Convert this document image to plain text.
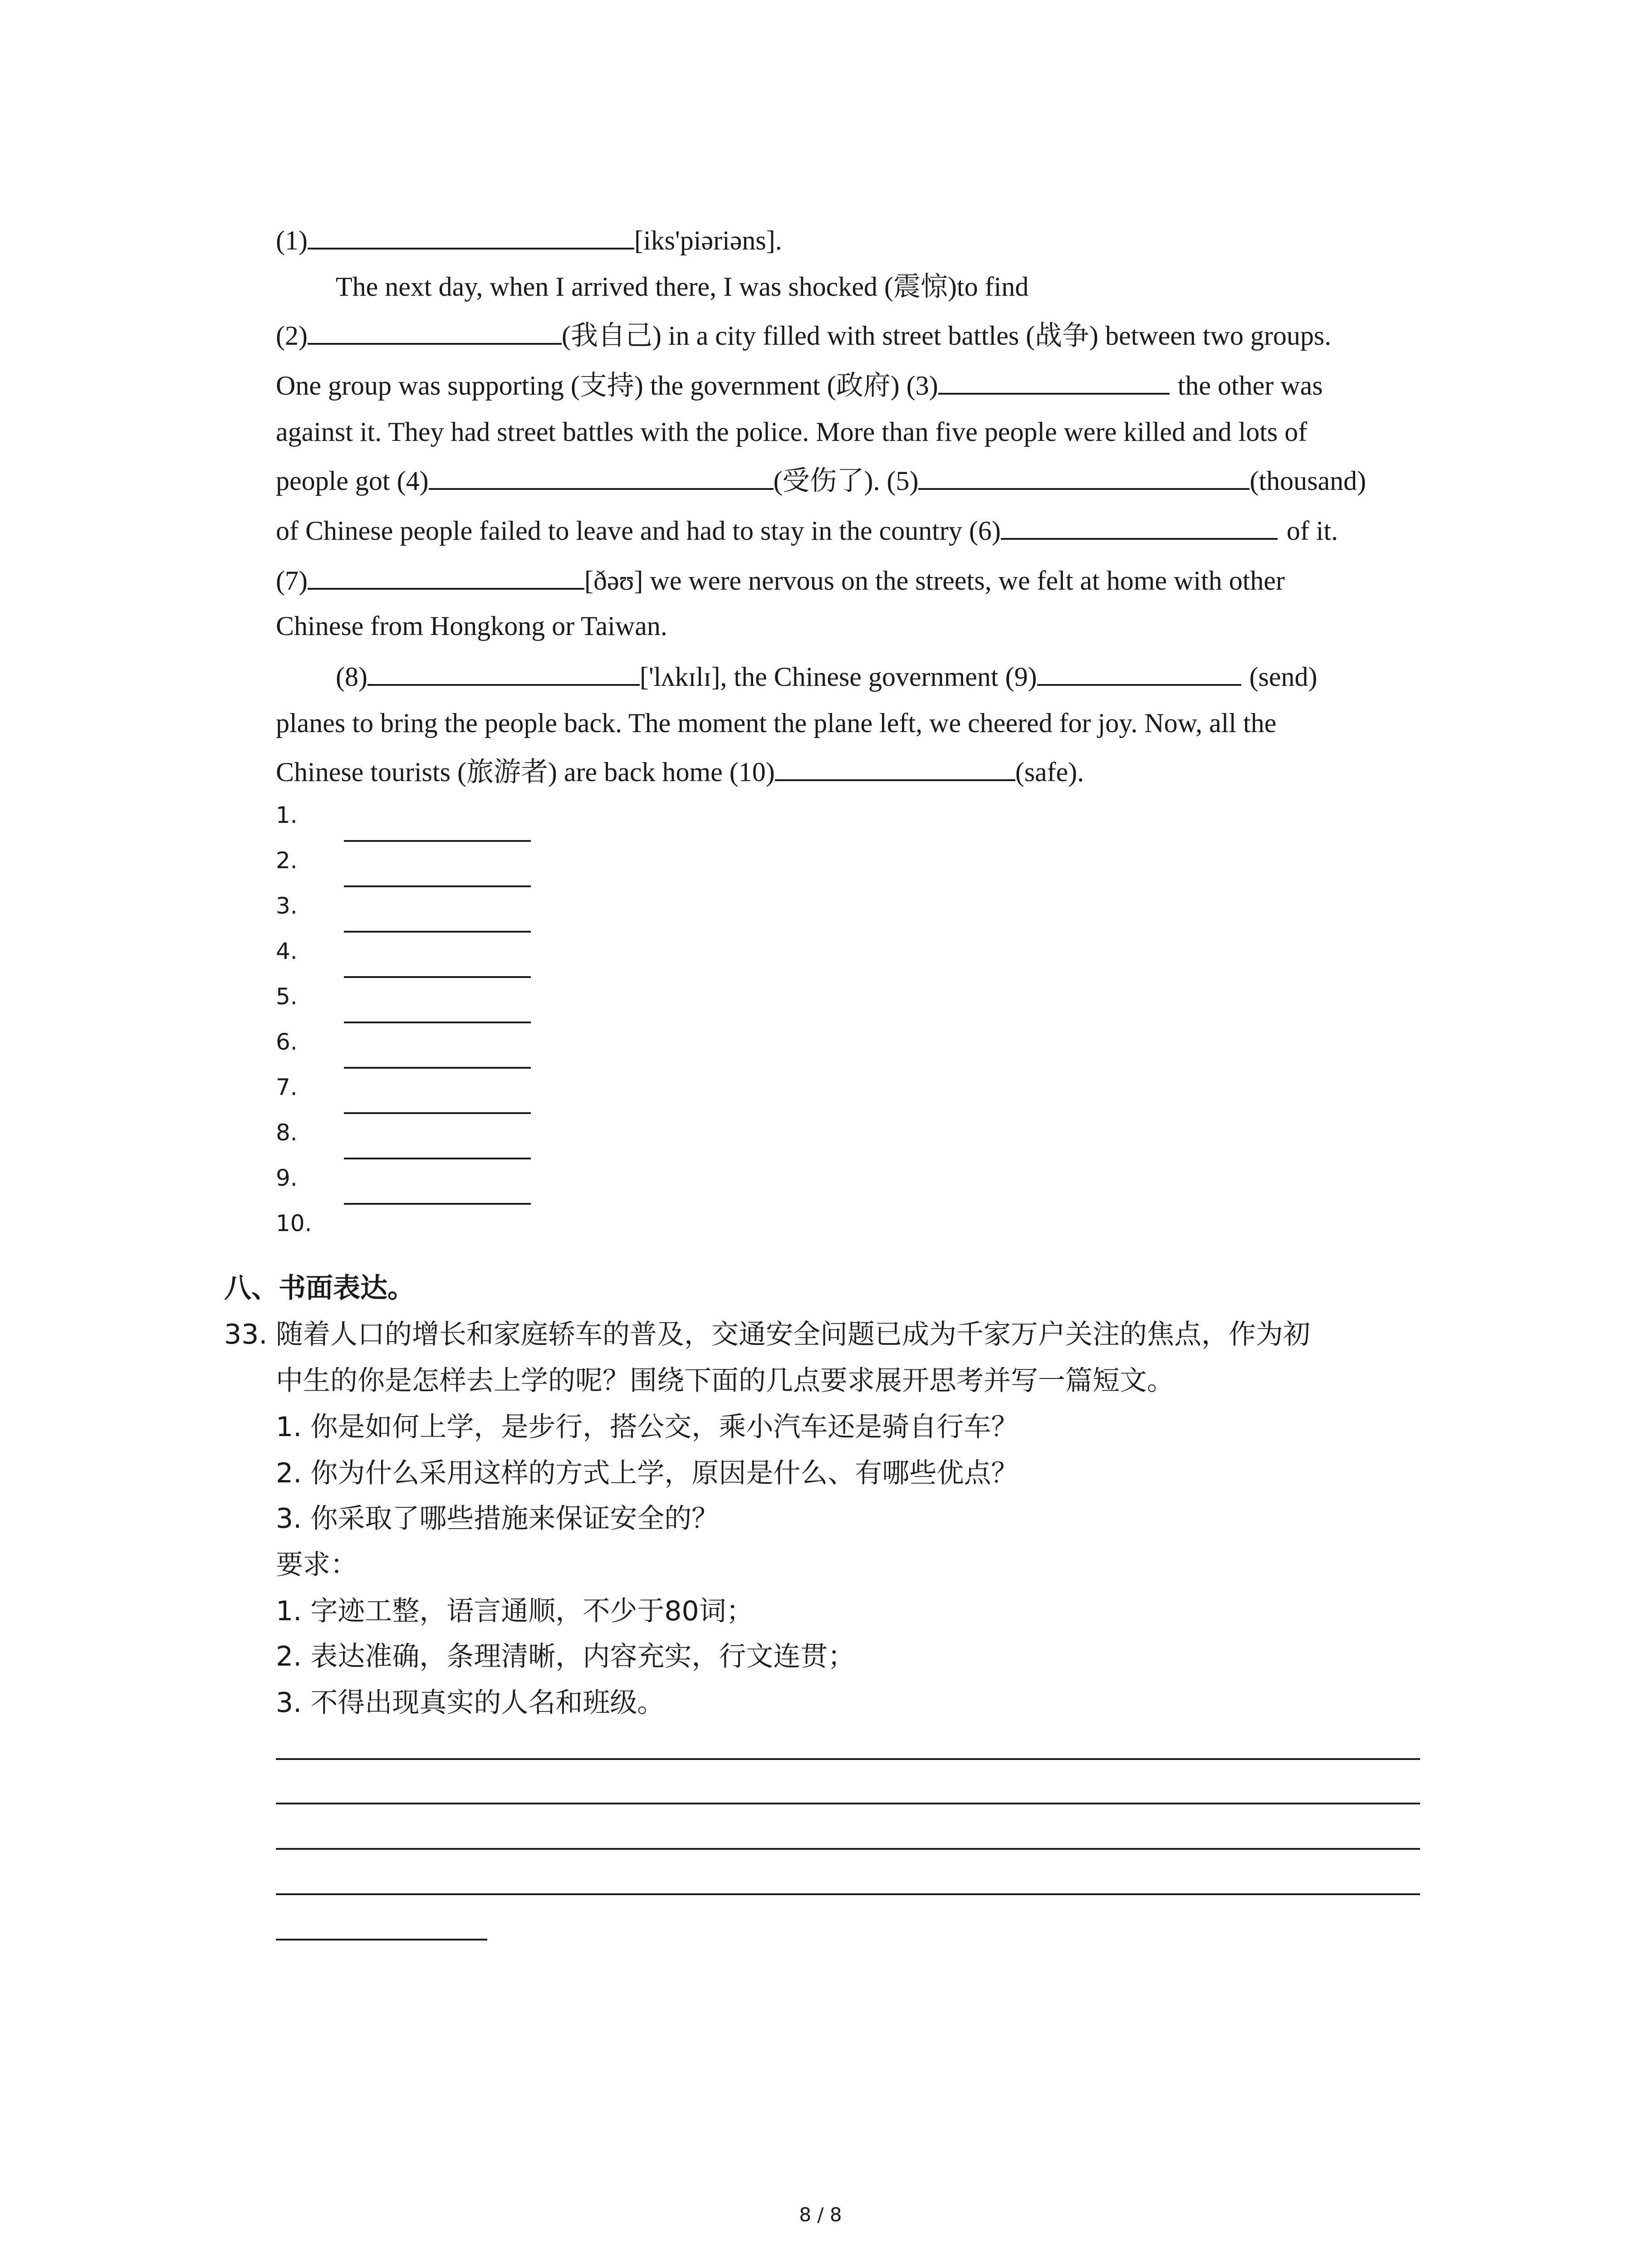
(1)	[iks'piəriəns].
The next day, when I arrived there, I was shocked (震惊)to find
(2)	(我自己) in a city filled with street battles (战争) between two groups.
One group was supporting (支持) the government (政府) (3)	the other was
against it. They had street battles with the police. More than five people were killed and lots of
people got (4)	(受伤了). (5)	(thousand)
of Chinese people failed to leave and had to stay in the country (6)	of it.
(7)	[ðəʊ] we were nervous on the streets, we felt at home with other
Chinese from Hongkong or Taiwan.
(8)	['lʌkɪlɪ], the Chinese government (9)	(send)
planes to bring the people back. The moment the plane left, we cheered for joy. Now, all the
Chinese tourists (旅游者) are back home (10)	(safe).
1.
2.
3.
4.
5.
6.
7.
8.
9.
10.
八、书面表达。
33. 随着人口的增长和家庭轿车的普及，交通安全问题已成为千家万户关注的焦点，作为初
中生的你是怎样去上学的呢？围绕下面的几点要求展开思考并写一篇短文。
1. 你是如何上学，是步行，搭公交，乘小汽车还是骑自行车？
2. 你为什么采用这样的方式上学，原因是什么、有哪些优点？
3. 你采取了哪些措施来保证安全的？
要求：
1. 字迹工整，语言通顺，不少于80词；
2. 表达准确，条理清晰，内容充实，行文连贯；
3. 不得出现真实的人名和班级。
8 / 8
